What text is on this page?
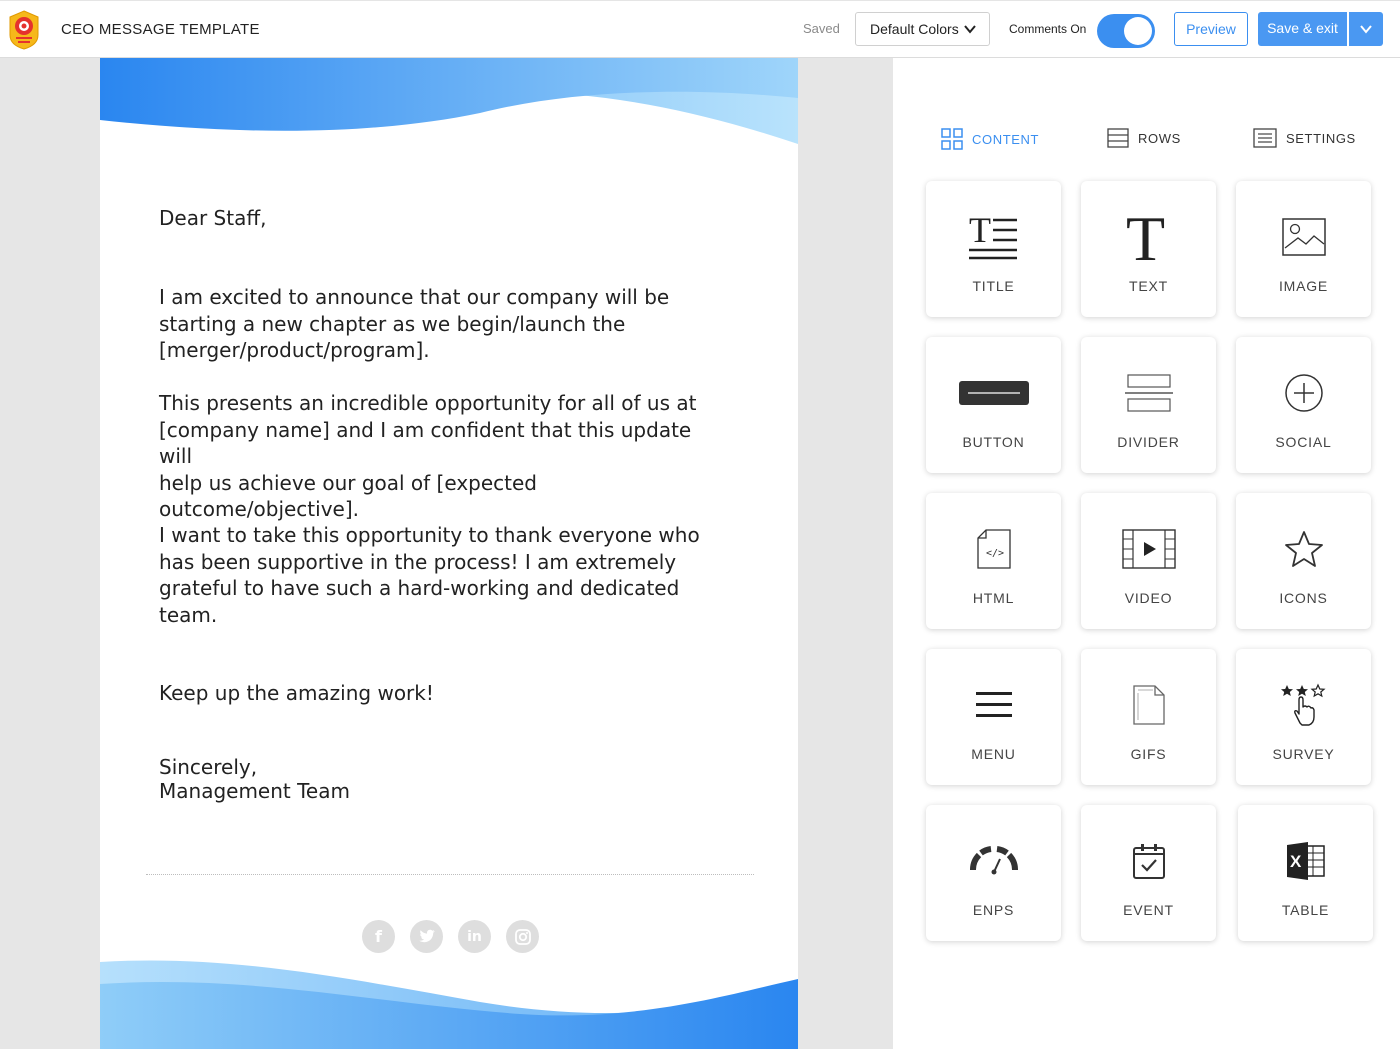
CEO MESSAGE TEMPLATE	Saved	Default Colors	Comments On	Preview	Save & exit
Dear Staff,

I am excited to announce that our company will be

starting a new chapter as we begin/launch the

[merger/product/program].

This presents an incredible opportunity for all of us at

[company name] and I am confident that this update will

help us achieve our goal of [expected

outcome/objective].

I want to take this opportunity to thank everyone who

has been supportive in the process! I am extremely

grateful to have such a hard-working and dedicated

team.

Keep up the amazing work!

Sincerely,

Management Team

f	in
CONTENT	ROWS	SETTINGS
T
TITLE
T
TEXT	IMAGE
BUTTON	DIVIDER	SOCIAL
</>
HTML	VIDEO	ICONS
MENU	GIFS	SURVEY
ENPS	EVENT
X
TABLE
